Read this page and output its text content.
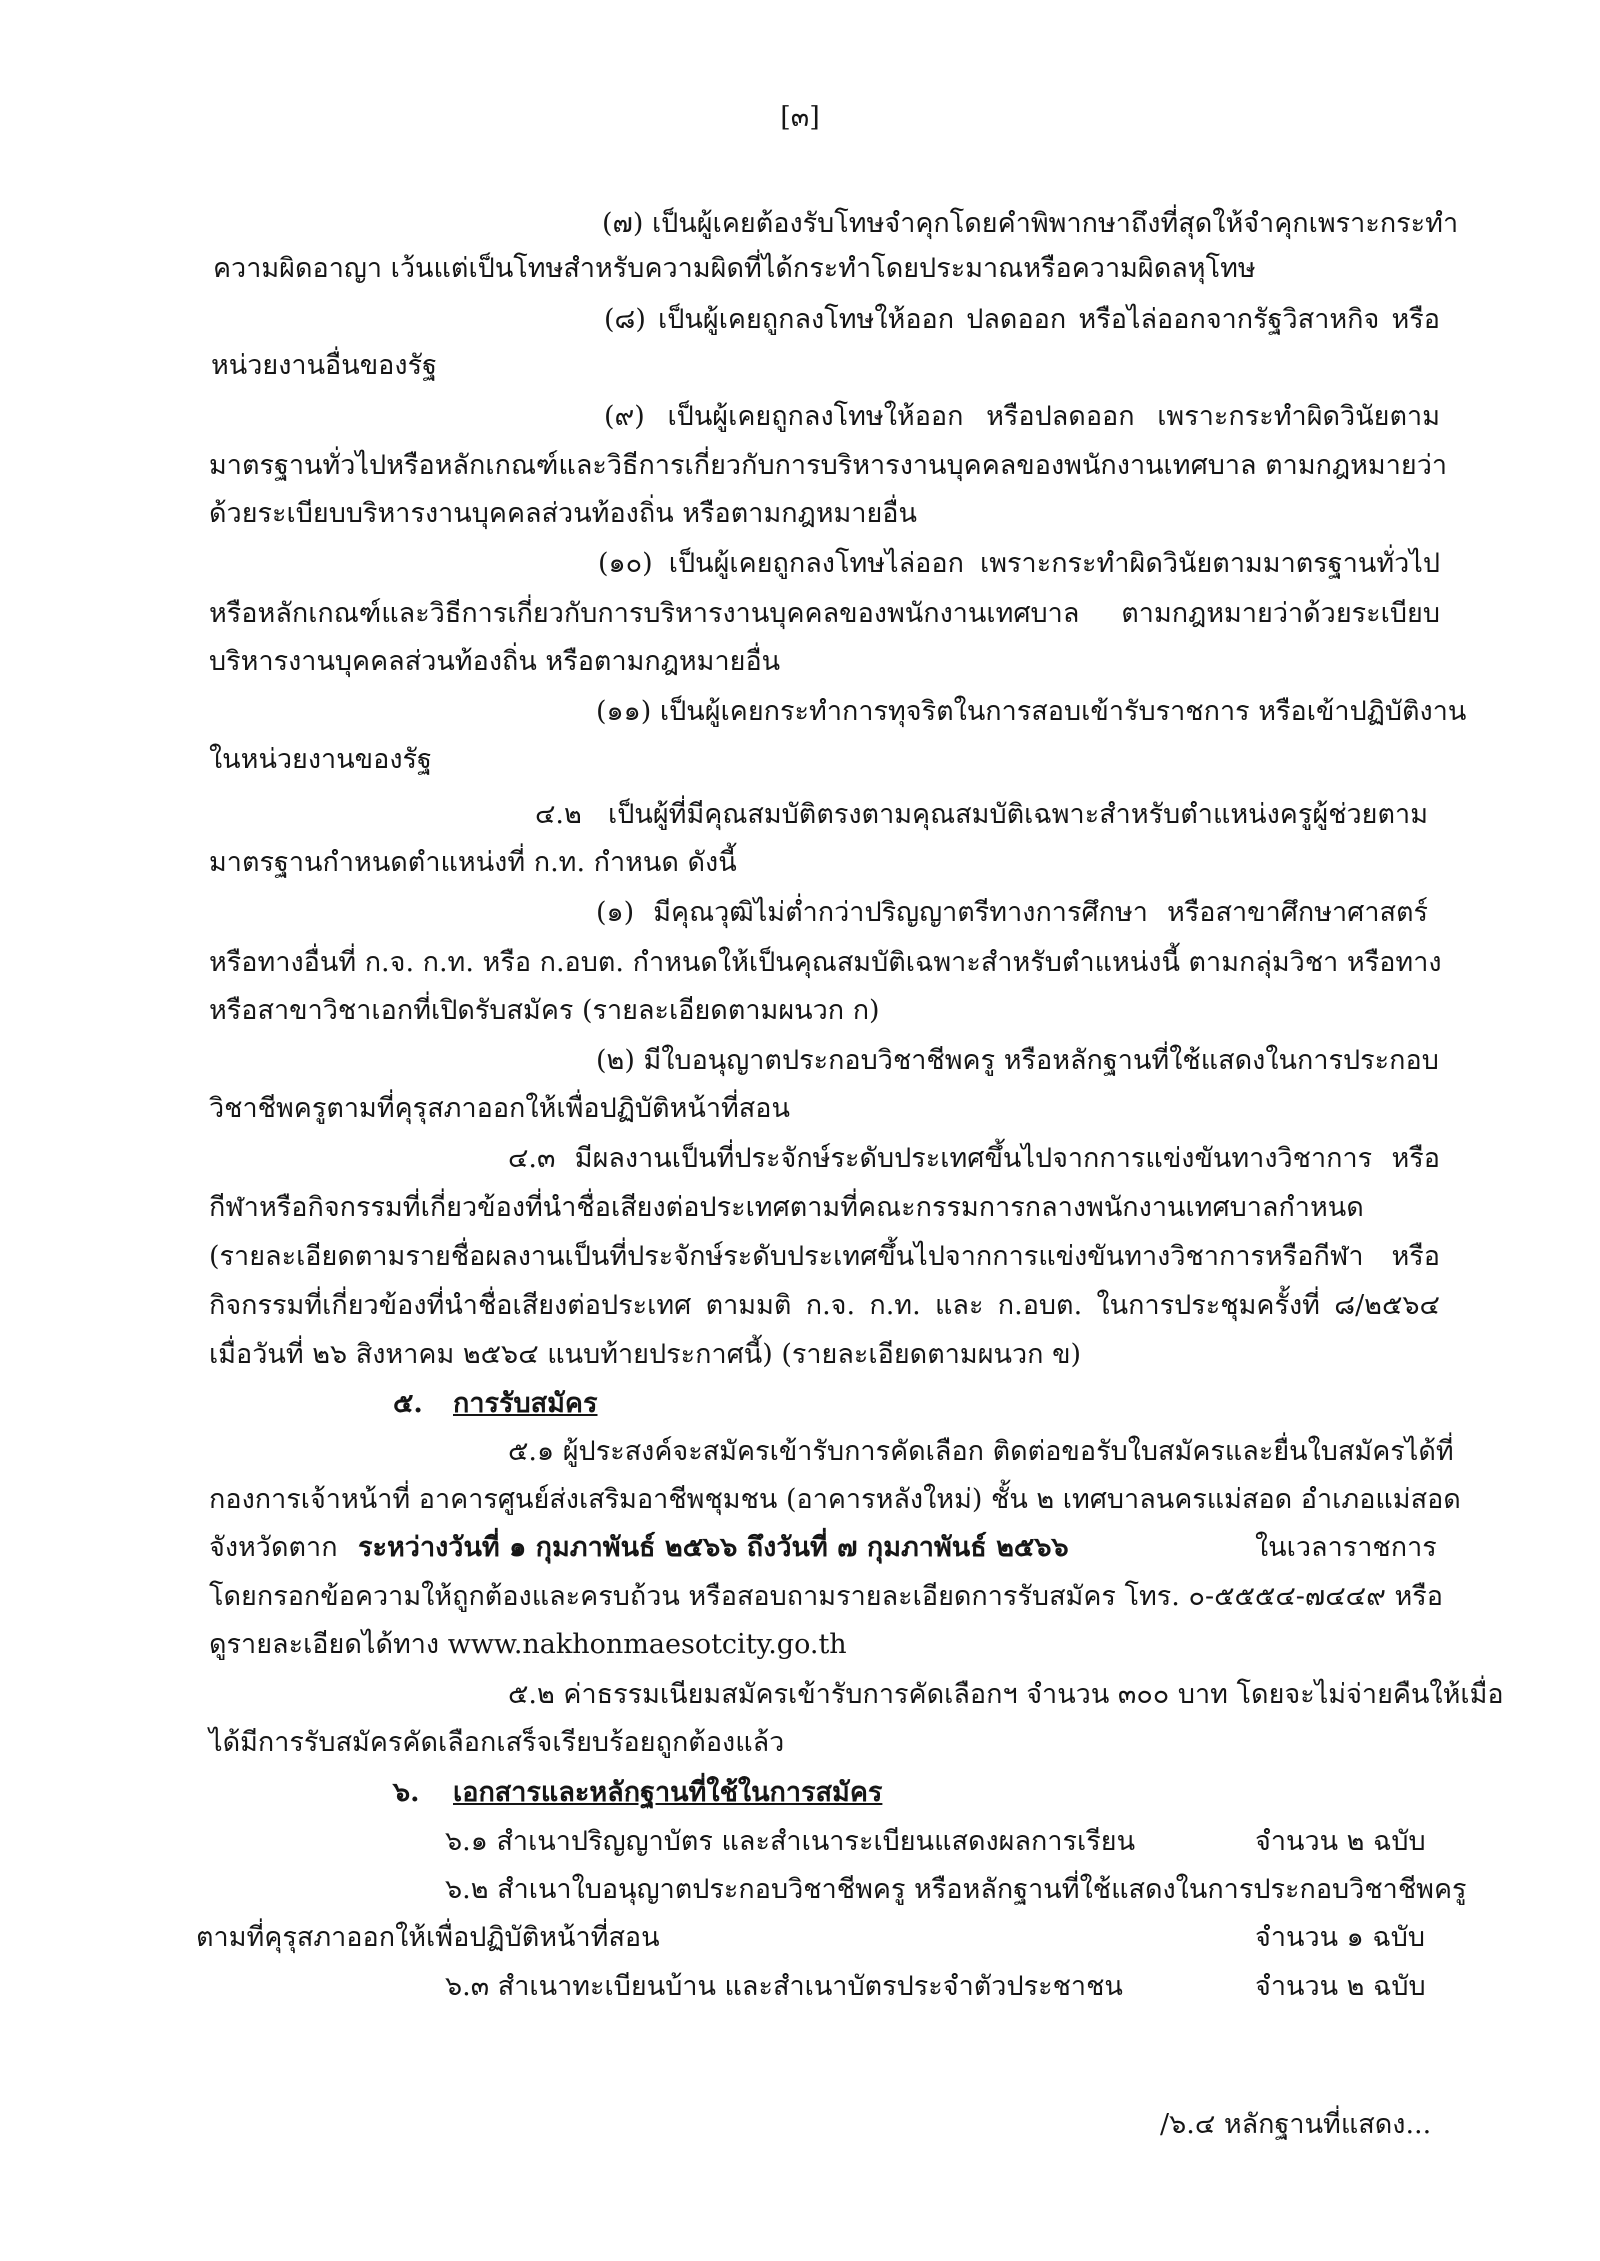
[๓]
(๗) เป็นผู้เคยต้องรับโทษจำคุกโดยคำพิพากษาถึงที่สุดให้จำคุกเพราะกระทำ
ความผิดอาญา เว้นแต่เป็นโทษสำหรับความผิดที่ได้กระทำโดยประมาณหรือความผิดลหุโทษ
(๘) เป็นผู้เคยถูกลงโทษให้ออก ปลดออก หรือไล่ออกจากรัฐวิสาหกิจ หรือ
หน่วยงานอื่นของรัฐ
(๙) เป็นผู้เคยถูกลงโทษให้ออก หรือปลดออก เพราะกระทำผิดวินัยตาม
มาตรฐานทั่วไปหรือหลักเกณฑ์และวิธีการเกี่ยวกับการบริหารงานบุคคลของพนักงานเทศบาล ตามกฎหมายว่า
ด้วยระเบียบบริหารงานบุคคลส่วนท้องถิ่น หรือตามกฎหมายอื่น
(๑๐) เป็นผู้เคยถูกลงโทษไล่ออก เพราะกระทำผิดวินัยตามมาตรฐานทั่วไป
หรือหลักเกณฑ์และวิธีการเกี่ยวกับการบริหารงานบุคคลของพนักงานเทศบาล ตามกฎหมายว่าด้วยระเบียบ
บริหารงานบุคคลส่วนท้องถิ่น หรือตามกฎหมายอื่น
(๑๑) เป็นผู้เคยกระทำการทุจริตในการสอบเข้ารับราชการ หรือเข้าปฏิบัติงาน
ในหน่วยงานของรัฐ
๔.๒ เป็นผู้ที่มีคุณสมบัติตรงตามคุณสมบัติเฉพาะสำหรับตำแหน่งครูผู้ช่วยตาม
มาตรฐานกำหนดตำแหน่งที่ ก.ท. กำหนด ดังนี้
(๑) มีคุณวุฒิไม่ต่ำกว่าปริญญาตรีทางการศึกษา หรือสาขาศึกษาศาสตร์
หรือทางอื่นที่ ก.จ. ก.ท. หรือ ก.อบต. กำหนดให้เป็นคุณสมบัติเฉพาะสำหรับตำแหน่งนี้ ตามกลุ่มวิชา หรือทาง
หรือสาขาวิชาเอกที่เปิดรับสมัคร (รายละเอียดตามผนวก ก)
(๒) มีใบอนุญาตประกอบวิชาชีพครู หรือหลักฐานที่ใช้แสดงในการประกอบ
วิชาชีพครูตามที่คุรุสภาออกให้เพื่อปฏิบัติหน้าที่สอน
๔.๓ มีผลงานเป็นที่ประจักษ์ระดับประเทศขึ้นไปจากการแข่งขันทางวิชาการ หรือ
กีฬาหรือกิจกรรมที่เกี่ยวข้องที่นำชื่อเสียงต่อประเทศตามที่คณะกรรมการกลางพนักงานเทศบาลกำหนด
(รายละเอียดตามรายชื่อผลงานเป็นที่ประจักษ์ระดับประเทศขึ้นไปจากการแข่งขันทางวิชาการหรือกีฬา หรือ
กิจกรรมที่เกี่ยวข้องที่นำชื่อเสียงต่อประเทศ ตามมติ ก.จ. ก.ท. และ ก.อบต. ในการประชุมครั้งที่ ๘/๒๕๖๔
เมื่อวันที่ ๒๖ สิงหาคม ๒๕๖๔ แนบท้ายประกาศนี้) (รายละเอียดตามผนวก ข)
๕. การรับสมัคร
๕.๑ ผู้ประสงค์จะสมัครเข้ารับการคัดเลือก ติดต่อขอรับใบสมัครและยื่นใบสมัครได้ที่
กองการเจ้าหน้าที่ อาคารศูนย์ส่งเสริมอาชีพชุมชน (อาคารหลังใหม่) ชั้น ๒ เทศบาลนครแม่สอด อำเภอแม่สอด
จังหวัดตาก ระหว่างวันที่ ๑ กุมภาพันธ์ ๒๕๖๖ ถึงวันที่ ๗ กุมภาพันธ์ ๒๕๖๖	ในเวลาราชการ
โดยกรอกข้อความให้ถูกต้องและครบถ้วน หรือสอบถามรายละเอียดการรับสมัคร โทร. ๐-๕๕๕๔-๗๔๔๙ หรือ
ดูรายละเอียดได้ทาง www.nakhonmaesotcity.go.th
๕.๒ ค่าธรรมเนียมสมัครเข้ารับการคัดเลือกฯ จำนวน ๓๐๐ บาท โดยจะไม่จ่ายคืนให้เมื่อ
ได้มีการรับสมัครคัดเลือกเสร็จเรียบร้อยถูกต้องแล้ว
๖. เอกสารและหลักฐานที่ใช้ในการสมัคร
๖.๑ สำเนาปริญญาบัตร และสำเนาระเบียนแสดงผลการเรียน	จำนวน ๒ ฉบับ
๖.๒ สำเนาใบอนุญาตประกอบวิชาชีพครู หรือหลักฐานที่ใช้แสดงในการประกอบวิชาชีพครู
ตามที่คุรุสภาออกให้เพื่อปฏิบัติหน้าที่สอน	จำนวน ๑ ฉบับ
๖.๓ สำเนาทะเบียนบ้าน และสำเนาบัตรประจำตัวประชาชน	จำนวน ๒ ฉบับ
/๖.๔ หลักฐานที่แสดง...
